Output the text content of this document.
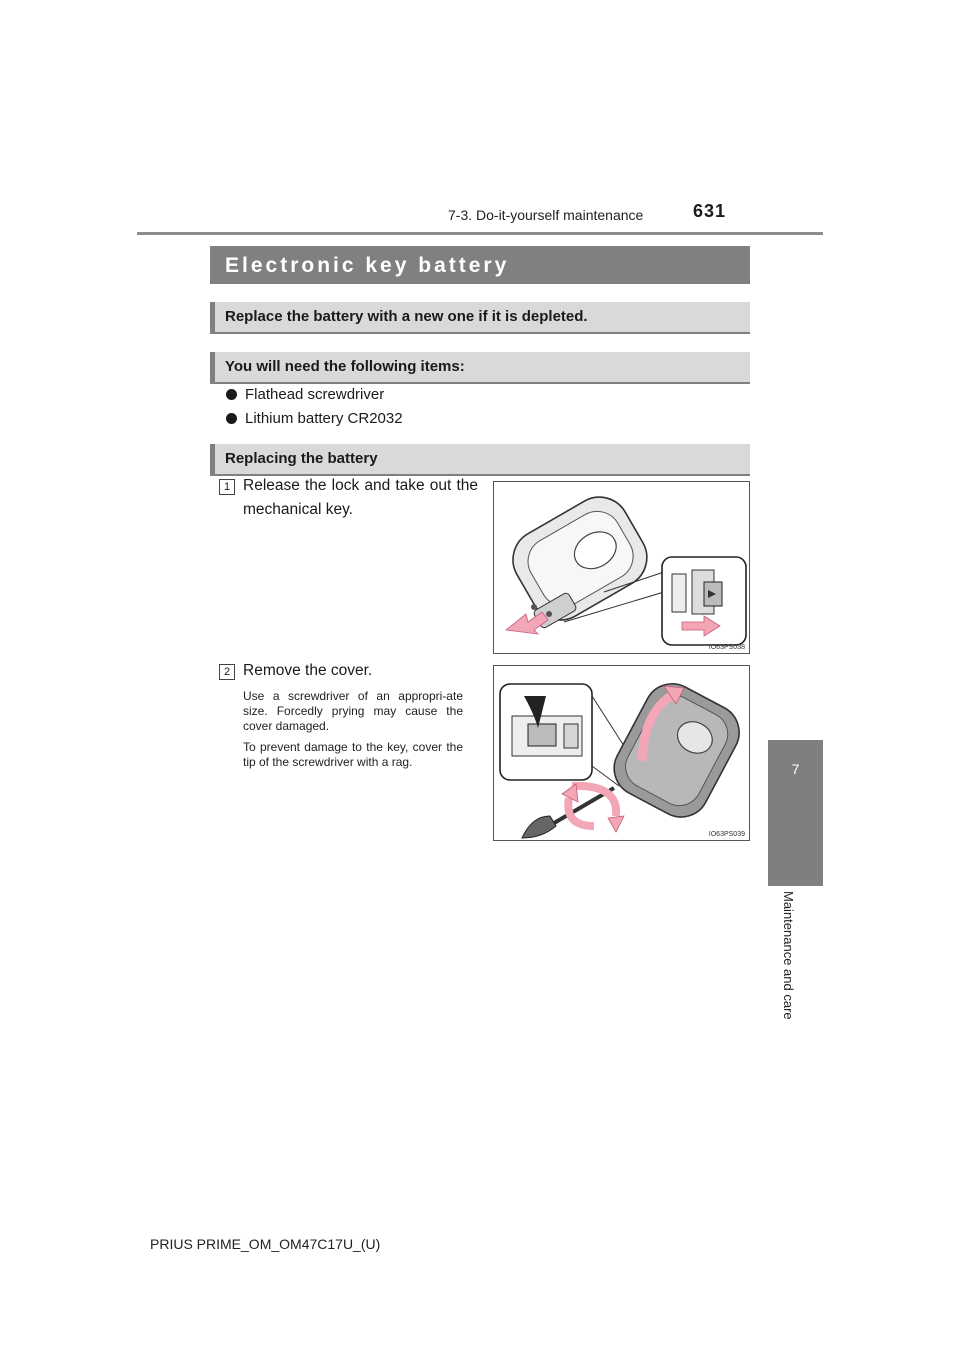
7-3. Do-it-yourself maintenance	631
7
Maintenance and care
Electronic key battery
Replace the battery with a new one if it is depleted.
You will need the following items:
Flathead screwdriver
Lithium battery CR2032
Replacing the battery
1 Release the lock and take out the mechanical key.
IO63PS038
2 Remove the cover.
Use a screwdriver of an appropri-ate size. Forcedly prying may cause the cover damaged.
To prevent damage to the key, cover the tip of the screwdriver with a rag.
IO63PS039
PRIUS PRIME_OM_OM47C17U_(U)
